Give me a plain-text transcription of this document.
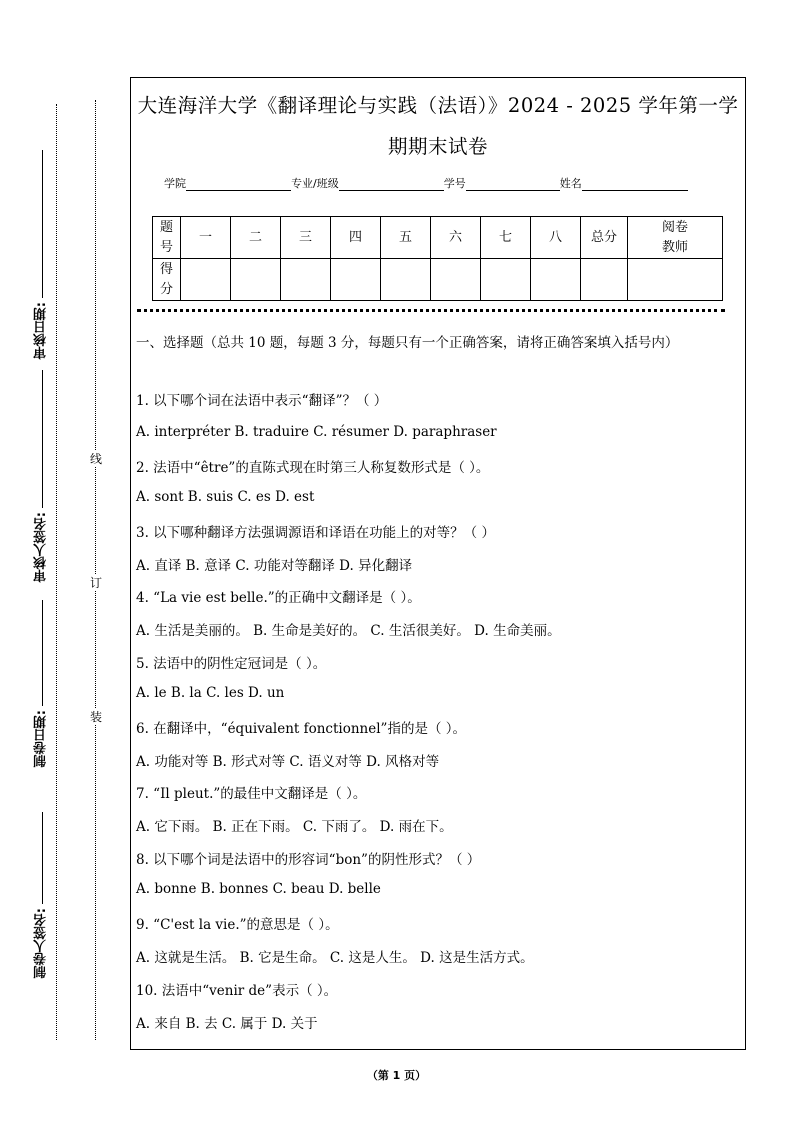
审核日期:
审核人签名:
制卷日期:
制卷人签名:
线
订
装
大连海洋大学《翻译理论与实践（法语）》2024 - 2025 学年第一学
期期末试卷
学院	专业/班级	学号	姓名
题号	一	二	三	四	五	六	七	八	总分	阅卷教师
得分										
一、选择题（总共 10 题，每题 3 分，每题只有一个正确答案，请将正确答案填入括号内）
1. 以下哪个词在法语中表示“翻译”？（ ）
A. interpréter B. traduire C. résumer D. paraphraser
2. 法语中“être”的直陈式现在时第三人称复数形式是（ ）。
A. sont B. suis C. es D. est
3. 以下哪种翻译方法强调源语和译语在功能上的对等？（ ）
A. 直译 B. 意译 C. 功能对等翻译 D. 异化翻译
4. “La vie est belle.”的正确中文翻译是（ ）。
A. 生活是美丽的。 B. 生命是美好的。 C. 生活很美好。 D. 生命美丽。
5. 法语中的阴性定冠词是（ ）。
A. le B. la C. les D. un
6. 在翻译中，“équivalent fonctionnel”指的是（ ）。
A. 功能对等 B. 形式对等 C. 语义对等 D. 风格对等
7. “Il pleut.”的最佳中文翻译是（ ）。
A. 它下雨。 B. 正在下雨。 C. 下雨了。 D. 雨在下。
8. 以下哪个词是法语中的形容词“bon”的阴性形式？（ ）
A. bonne B. bonnes C. beau D. belle
9. “C'est la vie.”的意思是（ ）。
A. 这就是生活。 B. 它是生命。 C. 这是人生。 D. 这是生活方式。
10. 法语中“venir de”表示（ ）。
A. 来自 B. 去 C. 属于 D. 关于
（第 1 页）
